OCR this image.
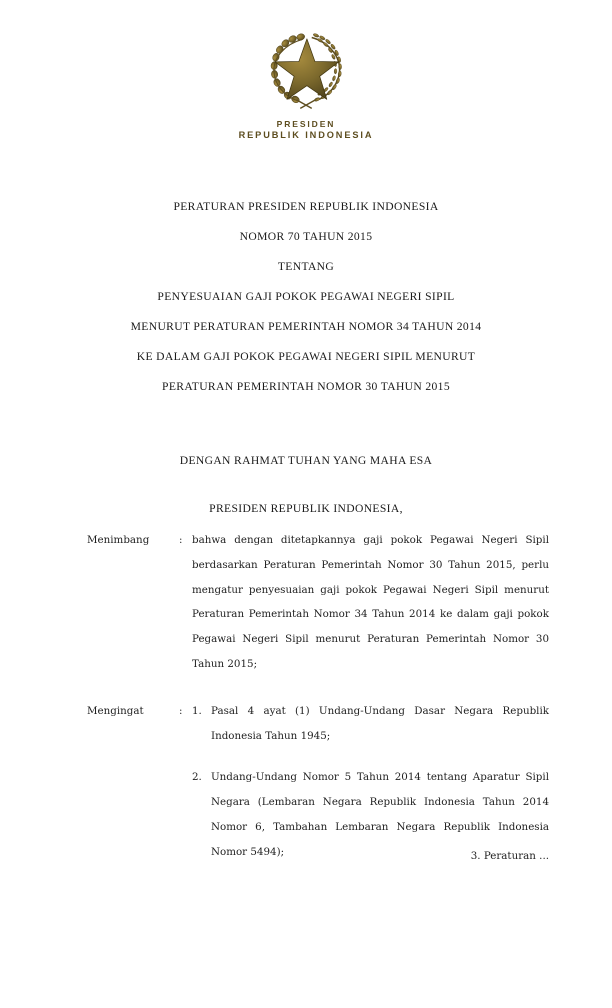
PRESIDEN
REPUBLIK INDONESIA
PERATURAN PRESIDEN REPUBLIK INDONESIA
NOMOR 70 TAHUN 2015
TENTANG
PENYESUAIAN GAJI POKOK PEGAWAI NEGERI SIPIL
MENURUT PERATURAN PEMERINTAH NOMOR 34 TAHUN 2014
KE DALAM GAJI POKOK PEGAWAI NEGERI SIPIL MENURUT
PERATURAN PEMERINTAH NOMOR 30 TAHUN 2015
DENGAN RAHMAT TUHAN YANG MAHA ESA
PRESIDEN REPUBLIK INDONESIA,
Menimbang	: bahwa dengan ditetapkannya gaji pokok Pegawai Negeri Sipil berdasarkan Peraturan Pemerintah Nomor 30 Tahun 2015, perlu mengatur penyesuaian gaji pokok Pegawai Negeri Sipil menurut Peraturan Pemerintah Nomor 34 Tahun 2014 ke dalam gaji pokok Pegawai Negeri Sipil menurut Peraturan Pemerintah Nomor 30 Tahun 2015;

Mengingat	: 1. Pasal 4 ayat (1) Undang-Undang Dasar Negara Republik Indonesia Tahun 1945;
2. Undang-Undang Nomor 5 Tahun 2014 tentang Aparatur Sipil Negara (Lembaran Negara Republik Indonesia Tahun 2014 Nomor 6, Tambahan Lembaran Negara Republik Indonesia Nomor 5494);	3. Peraturan ...
